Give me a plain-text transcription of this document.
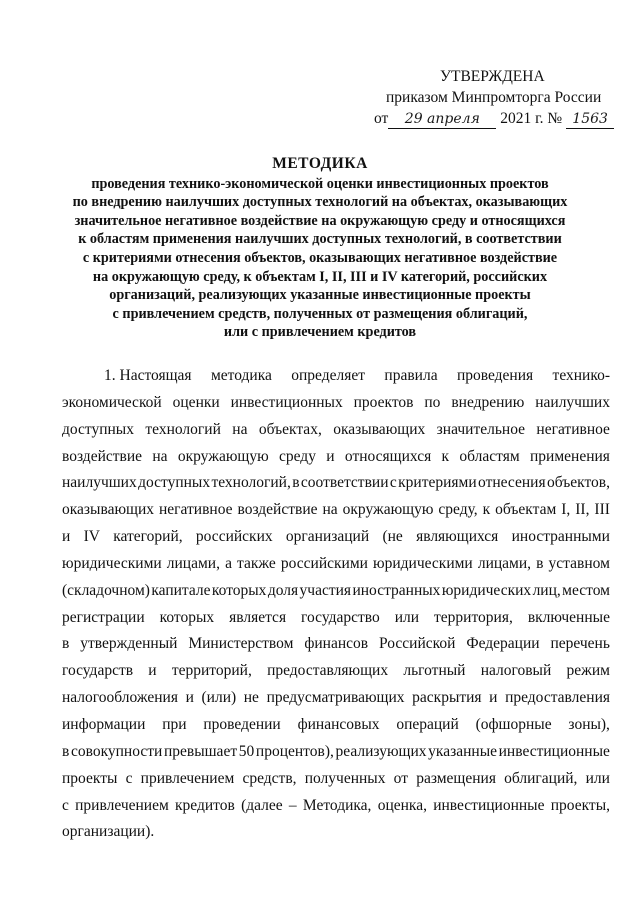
УТВЕРЖДЕНА
приказом Минпромторга России
от 29 апреля 2021 г. № 1563
МЕТОДИКА
проведения технико-экономической оценки инвестиционных проектов
по внедрению наилучших доступных технологий на объектах, оказывающих
значительное негативное воздействие на окружающую среду и относящихся
к областям применения наилучших доступных технологий, в соответствии
с критериями отнесения объектов, оказывающих негативное воздействие
на окружающую среду, к объектам I, II, III и IV категорий, российских
организаций, реализующих указанные инвестиционные проекты
с привлечением средств, полученных от размещения облигаций,
или с привлечением кредитов
1. Настоящая методика определяет правила проведения технико-
экономической оценки инвестиционных проектов по внедрению наилучших
доступных технологий на объектах, оказывающих значительное негативное
воздействие на окружающую среду и относящихся к областям применения
наилучших доступных технологий, в соответствии с критериями отнесения объектов,
оказывающих негативное воздействие на окружающую среду, к объектам I, II, III
и IV категорий, российских организаций (не являющихся иностранными
юридическими лицами, а также российскими юридическими лицами, в уставном
(складочном) капитале которых доля участия иностранных юридических лиц, местом
регистрации которых является государство или территория, включенные
в утвержденный Министерством финансов Российской Федерации перечень
государств и территорий, предоставляющих льготный налоговый режим
налогообложения и (или) не предусматривающих раскрытия и предоставления
информации при проведении финансовых операций (офшорные зоны),
в совокупности превышает 50 процентов), реализующих указанные инвестиционные
проекты с привлечением средств, полученных от размещения облигаций, или
с привлечением кредитов (далее – Методика, оценка, инвестиционные проекты,
организации).
